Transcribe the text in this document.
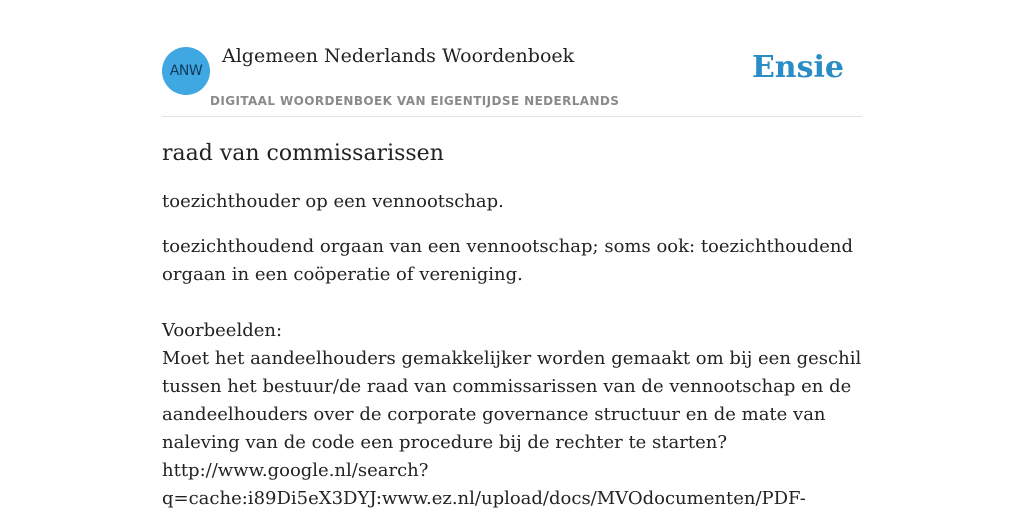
ANW
Algemeen Nederlands Woordenboek
DIGITAAL WOORDENBOEK VAN EIGENTIJDSE NEDERLANDS
Ensie
raad van commissarissen

toezichthouder op een vennootschap.

toezichthoudend orgaan van een vennootschap; soms ook: toezichthoudend orgaan in een coöperatie of vereniging.

Voorbeelden:

Moet het aandeelhouders gemakkelijker worden gemaakt om bij een geschil tussen het bestuur/de raad van commissarissen van de vennootschap en de aandeelhouders over de corporate governance structuur en de mate van naleving van de code een procedure bij de rechter te starten?

http://www.google.nl/search?
q=cache:i89Di5eX3DYJ:www.ez.nl/upload/docs/MVOdocumenten/PDF-
